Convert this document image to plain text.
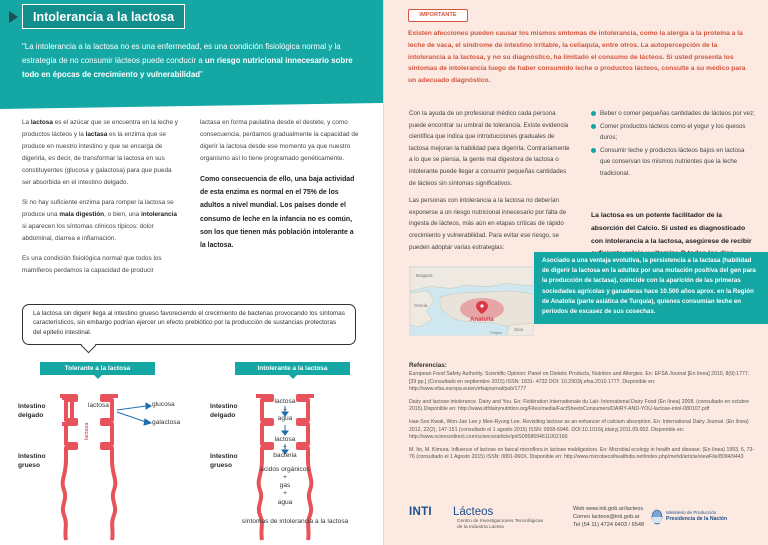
Intolerancia a la lactosa
"La intolerancia a la lactosa no es una enfermedad, es una condición fisiológica normal y la estrategia de no consumir lácteos puede conducir a un riesgo nutricional innecesario sobre todo en épocas de crecimiento y vulnerabilidad"

La lactosa es el azúcar que se encuentra en la leche y productos lácteos y la lactasa es la enzima que se produce en nuestro intestino y que se encarga de digerirla, es decir, de transformar la lactosa en sus constituyentes (glucosa y galactosa) para que pueda ser absorbida en el intestino delgado.

Si no hay suficiente enzima para romper la lactosa se produce una mala digestión, o bien, una intolerancia si aparecen los síntomas clínicos típicos: dolor abdominal, diarrea e inflamación.

Es una condición fisiológica normal que todos los mamíferos perdamos la capacidad de producir

lactasa en forma paulatina desde el destete, y como consecuencia, perdamos gradualmente la capacidad de digerir la lactosa desde ese momento ya que nuestro organismo así lo tiene programado genéticamente.

Como consecuencia de ello, una baja actividad de esta enzima es normal en el 75% de los adultos a nivel mundial. Los países donde el consumo de leche en la infancia no es común, son los que tienen más población intolerante a la lactosa.

La lactosa sin digerir llega al intestino grueso favoreciendo el crecimiento de bacterias provocando los síntomas característicos, sin embargo podrían ejercer un efecto prebiótico por la producción de sustancias protectoras del epitelio intestinal.
Tolerante a la lactosa	Intolerante a la lactosa
lactasa
Intestino delgado
Intestino grueso
lactosa	glucosa
galactosa
Intestino delgado
Intestino grueso
lactosa
+
agua
lactosa
+
bacteria
ácidos orgánicos
+
gas
+
agua
síntomas de intolerancia a la lactosa
IMPORTANTE
Existen afecciones pueden causar los mismos síntomas de intolerancia, como la alergia a la proteína a la leche de vaca, el síndrome de intestino irritable, la celiaquía, entre otros. La autopercepción de la intolerancia a la lactosa, y no su diagnóstico, ha limitado el consumo de lácteos. Si usted presenta los síntomas de intolerancia luego de haber consumido leche o productos lácteos, consulte a su médico para un adecuado diagnóstico.

Con la ayuda de un profesional médico cada persona puede encontrar su umbral de tolerancia. Existe evidencia científica que indica que introducciones graduales de lactosa mejoran la habilidad para digerirla. Contrariamente a lo que se piensa, la gente mal digestora de lactosa o intolerante puede llegar a consumir pequeñas cantidades de lácteos sin síntomas significativos.

Las personas con intolerancia a la lactosa no deberían exponerse a un riesgo nutricional innecesario por falta de ingesta de lácteos, más aún en etapas críticas de rápido crecimiento y vulnerabilidad. Para evitar ese riesgo, se pueden adoptar varias estrategias:

Beber o comer pequeñas cantidades de lácteos por vez;
Comer productos lácteos como el yogur y los quesos duros;
Consumir leche y productos lácteos bajos en lactosa que conservan los mismos nutrientes que la leche tradicional.
La lactosa es un potente facilitador de la absorción del Calcio. Si usted es diagnosticado con intolerancia a la lactosa, asegúrese de recibir
Asociado a una ventaja evolutiva, la persistencia a la lactasa (habilidad de digerir la lactosa en la adultez por una mutación positiva del gen para la producción de lactasa), coincide con la aparición de las primeras sociedades agrícolas y ganaderas hace 10.500 años aprox. en la Región de Anatolia (parte asiática de Turquía), quienes consumían leche en períodos de escasez de sus cosechas.
Bulgaria
Grecia
Anatolia
Siria
Chipre
Referencias:

European Food Safety Authority. Scientific Opinion: Panel on Dietetic Products, Nutrition and Allergies. En: EFSA Journal [En línea] 2010, 8(9):1777. [29 pp.] (Consultado en septiembre 2015) ISSN: 1831- 4732 DOI: 10.2903/j.efsa.2010.1777. Disponible en: http://www.efsa.europa.eu/en/efsajournal/pub/1777

Dairy and lactose intolerance. Dairy and You. En: Fédération Internationale du Lait- International Dairy Food (En línea) 2008. (consultado en octubre 2015).Disponible en: http://www.idfdairynutrition.org/Files/media/FactSheetsConsumers/DAIRY-AND-YOU-lactose-intol-080107.pdf

Hae-Soo Kwak, Won-Jae Lee y Mee-Ryung Lee. Revisiting lactose as an enhancer of calcium absorption. En: International Dairy Journal. (En línea) 2012, 22(2), 147-151 (consultado el 1 agosto 2015) ISSN: 0958-6946. DOI:10.1016/j.idairyj.2011.09.002. Disponible en: http://www.sciencedirect.com/science/article/pii/S0958694611002160

M. Ito, M. Kimura. Influence of lactose on faecal microflora in lactose maldigestors. En: Microbial ecology in health and disease. (En línea) 1993, 6, 73-76 (consultado el 1 Agosto 2015) ISSN: 0891-060X. Disponible en: http://www.microbecolhealthdis.net/index.php/mehd/article/viewFile/8094/9443

INTI Lácteos
Centro de Investigaciones Tecnológicas
de la Industria Láctea
Web www.inti.gob.ar/lacteos
Correo lacteos@inti.gob.ar
Tel (54 11) 4724 6403 / 6548
Ministerio de Producción
Presidencia de la Nación
